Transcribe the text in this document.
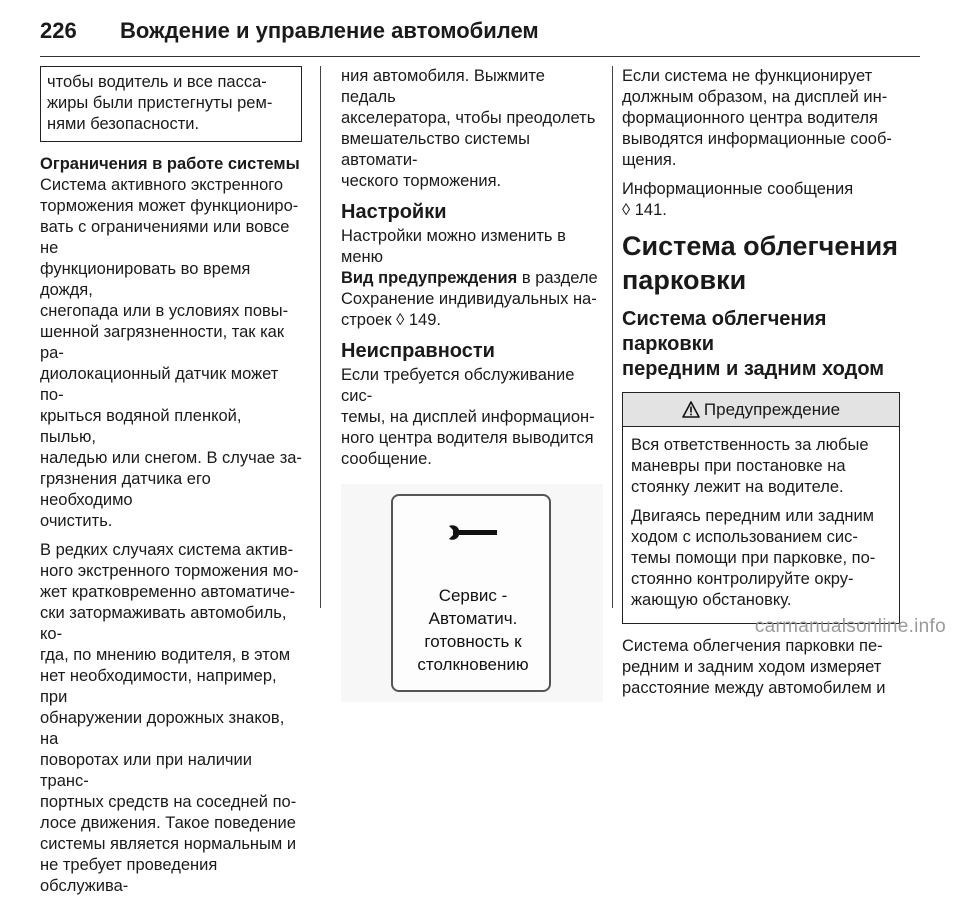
226 Вождение и управление автомобилем
чтобы водитель и все пасса-
жиры были пристегнуты рем-
нями безопасности.
Ограничения в работе системы

Система активного экстренного
торможения может функциониро-
вать с ограничениями или вовсе не
функционировать во время дождя,
снегопада или в условиях повы-
шенной загрязненности, так как ра-
диолокационный датчик может по-
крыться водяной пленкой, пылью,
наледью или снегом. В случае за-
грязнения датчика его необходимо
очистить.

В редких случаях система актив-
ного экстренного торможения мо-
жет кратковременно автоматиче-
ски затормаживать автомобиль, ко-
гда, по мнению водителя, в этом
нет необходимости, например, при
обнаружении дорожных знаков, на
поворотах или при наличии транс-
портных средств на соседней по-
лосе движения. Такое поведение
системы является нормальным и
не требует проведения обслужива-

ния автомобиля. Выжмите педаль
акселератора, чтобы преодолеть
вмешательство системы автомати-
ческого торможения.

Настройки

Настройки можно изменить в меню
Вид предупреждения в разделе
Сохранение индивидуальных на-
строек ◊ 149.

Неисправности

Если требуется обслуживание сис-
темы, на дисплей информацион-
ного центра водителя выводится
сообщение.

Сервис -
Автоматич.
готовность к
столкновению

Если система не функционирует
должным образом, на дисплей ин-
формационного центра водителя
выводятся информационные сооб-
щения.

Информационные сообщения
◊ 141.

Система облегчения
парковки
Система облегчения парковки
передним и задним ходом
Предупреждение

Вся ответственность за любые
маневры при постановке на
стоянку лежит на водителе.

Двигаясь передним или задним
ходом с использованием сис-
темы помощи при парковке, по-
стоянно контролируйте окру-
жающую обстановку.

Система облегчения парковки пе-
редним и задним ходом измеряет
расстояние между автомобилем и

carmanualsonline.info
